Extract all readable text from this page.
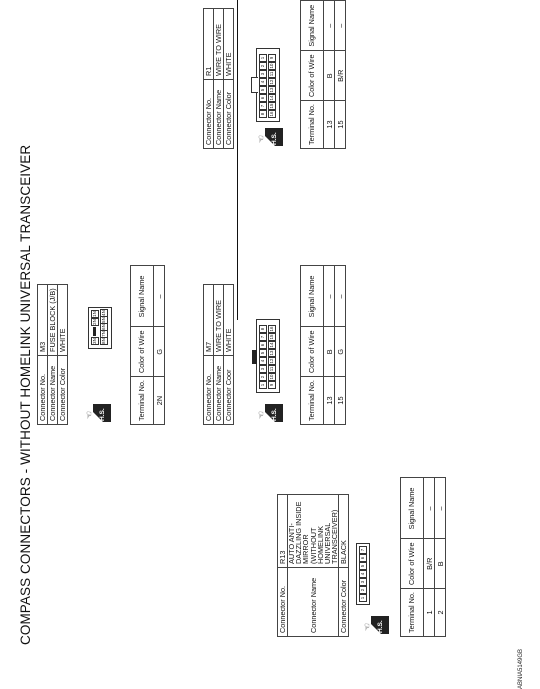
COMPASS CONNECTORS - WITHOUT HOMELINK UNIVERSAL TRANSCEIVER Connector No.	M3
Connector Name	FUSE BLOCK (J/B)
Connector Color	WHITE
H.S.
☜
3N
2N
1N
8N
7N
6N
5N
4N
Terminal No.	Color of Wire	Signal Name
2N	G	–
Connector No.	M7
Connector Name	WIRE TO WIRE
Connector Coor	WHITE
H.S.
☜
1
2
3
4
5
6
7
8
9
10
11
12
13
14
15
16
Terminal No.	Color of Wire	Signal Name
13	B	–
15	G	–
Connector No.	R1
Connector Name	WIRE TO WIRE
Connector Color	WHITE
H.S.
☜
8
7
6
5
4
3
2
1
16
15
14
13
12
11
10
9
Terminal No.	Color of Wire	Signal Name
13	B	–
15	B/R	–
Connector No.	R13
Connector Name	AUTO ANTI-DAZZLING INSIDE MIRROR (WITHOUT HOMELINK UNIVERSAL TRANSCEIVER)
Connector Color	BLACK
H.S.
☜
1
2
3
4
5
6
7
Terminal No.	Color of Wire	Signal Name
1	B/R	–
2	B	–
ABNIA5149GB
